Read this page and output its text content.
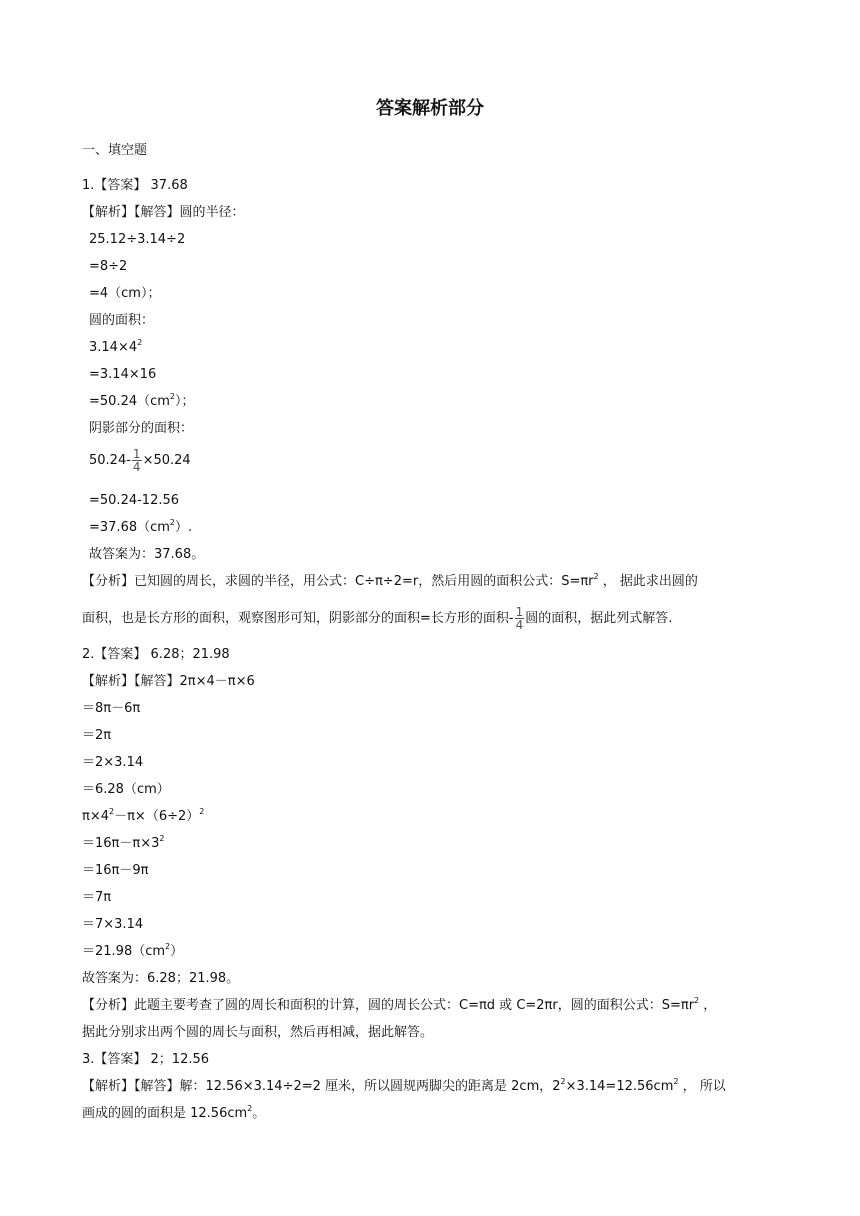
答案解析部分
一、填空题
1.【答案】 37.68
【解析】【解答】圆的半径：
25.12÷3.14÷2
=8÷2
=4（cm）；
圆的面积：
$3.14\times 4^2$
=3.14×16
$=50.24(cm^2)$；
阴影部分的面积：
$50.24- \frac{1}{4} \times 50.24$
=50.24-12.56
$=37.68(cm^2)$.
故答案为：37.68。
【分析】已知圆的周长，求圆的半径，用公式：C÷π÷2=r，然后用圆的面积公式：$S=\pi r^2$ ， 据此求出圆的
面积，也是长方形的面积，观察图形可知，阴影部分的面积=长方形的面积- $\frac{1}{4}$ 圆的面积，据此列式解答.
2.【答案】 6.28；21.98
【解析】【解答】2π×4－π×6
＝8π－6π
＝2π
＝2×3.14
＝6.28（cm）
$\pi\times 4^2-\pi\times(6\div 2)^2$
$=16\pi-\pi\times 3^2$
＝16π－9π
＝7π
＝7×3.14
$=21.98(cm^2)$
故答案为：6.28；21.98。
【分析】此题主要考查了圆的周长和面积的计算，圆的周长公式：C=πd 或 C=2πr，圆的面积公式：$S=\pi r^2$ ，
据此分别求出两个圆的周长与面积，然后再相减，据此解答。
3.【答案】 2；12.56
【解析】【解答】解：12.56×3.14÷2=2 厘米，所以圆规两脚尖的距离是 2cm，$2^2\times 3.14=12.56cm^2$ ， 所以
画成的圆的面积是 $12.56cm^2$。
